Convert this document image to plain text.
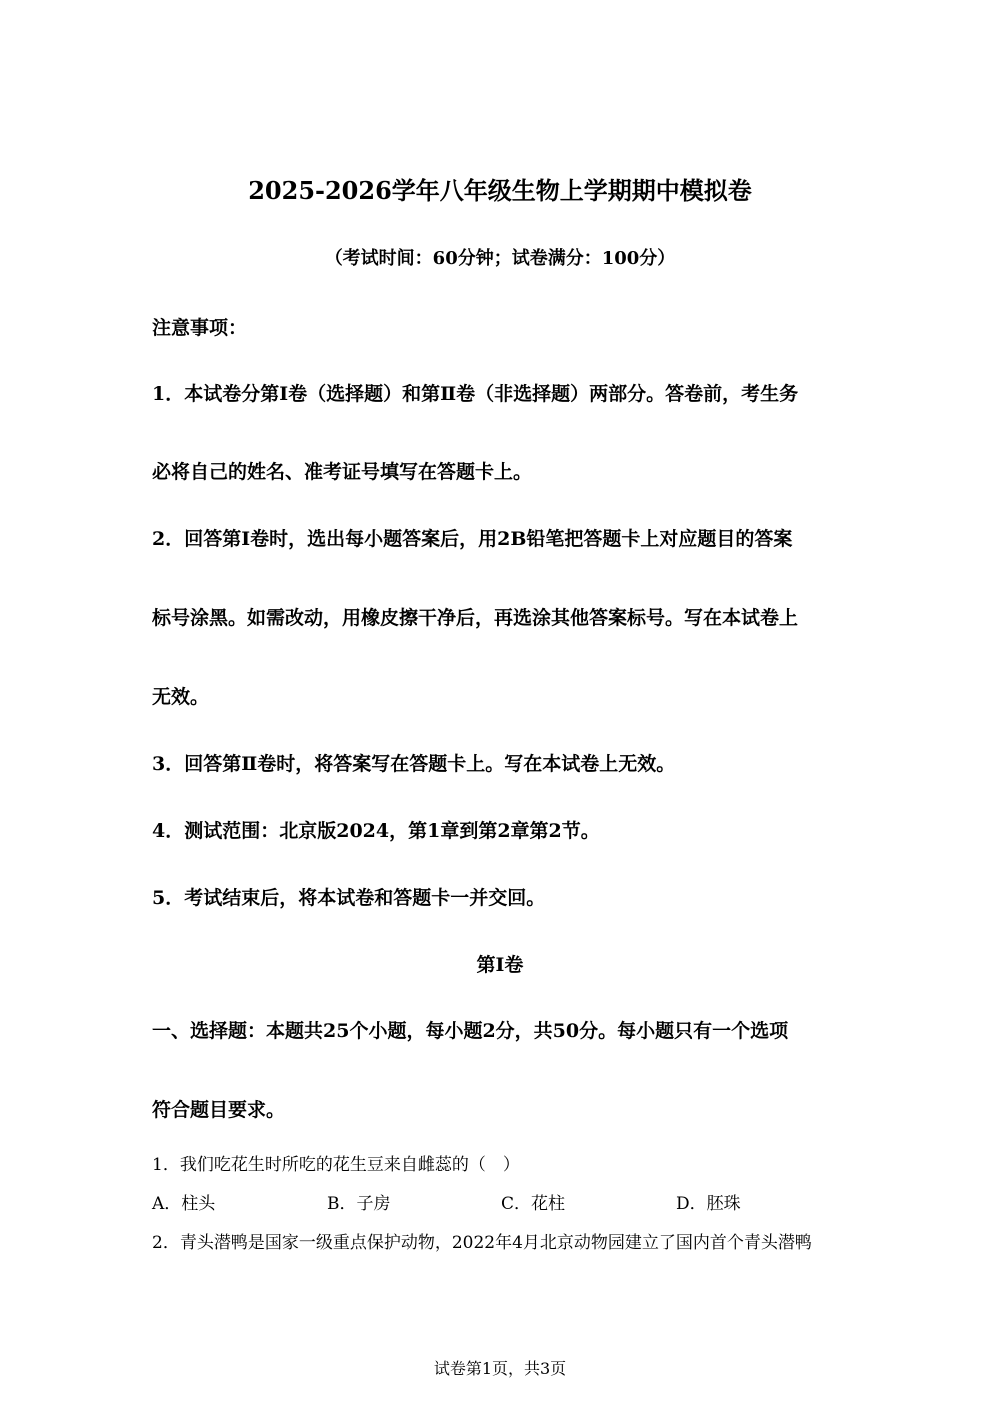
2025-2026学年八年级生物上学期期中模拟卷
（考试时间：60分钟；试卷满分：100分）
注意事项：
1．本试卷分第Ⅰ卷（选择题）和第Ⅱ卷（非选择题）两部分。答卷前，考生务
必将自己的姓名、准考证号填写在答题卡上。
2．回答第Ⅰ卷时，选出每小题答案后，用2B铅笔把答题卡上对应题目的答案
标号涂黑。如需改动，用橡皮擦干净后，再选涂其他答案标号。写在本试卷上
无效。
3．回答第Ⅱ卷时，将答案写在答题卡上。写在本试卷上无效。
4．测试范围：北京版2024，第1章到第2章第2节。
5．考试结束后，将本试卷和答题卡一并交回。
第Ⅰ卷
一、选择题：本题共25个小题，每小题2分，共50分。每小题只有一个选项
符合题目要求。
1．我们吃花生时所吃的花生豆来自雌蕊的（　）
A．柱头	B．子房	C．花柱	D．胚珠
2．青头潜鸭是国家一级重点保护动物，2022年4月北京动物园建立了国内首个青头潜鸭
试卷第1页，共3页
